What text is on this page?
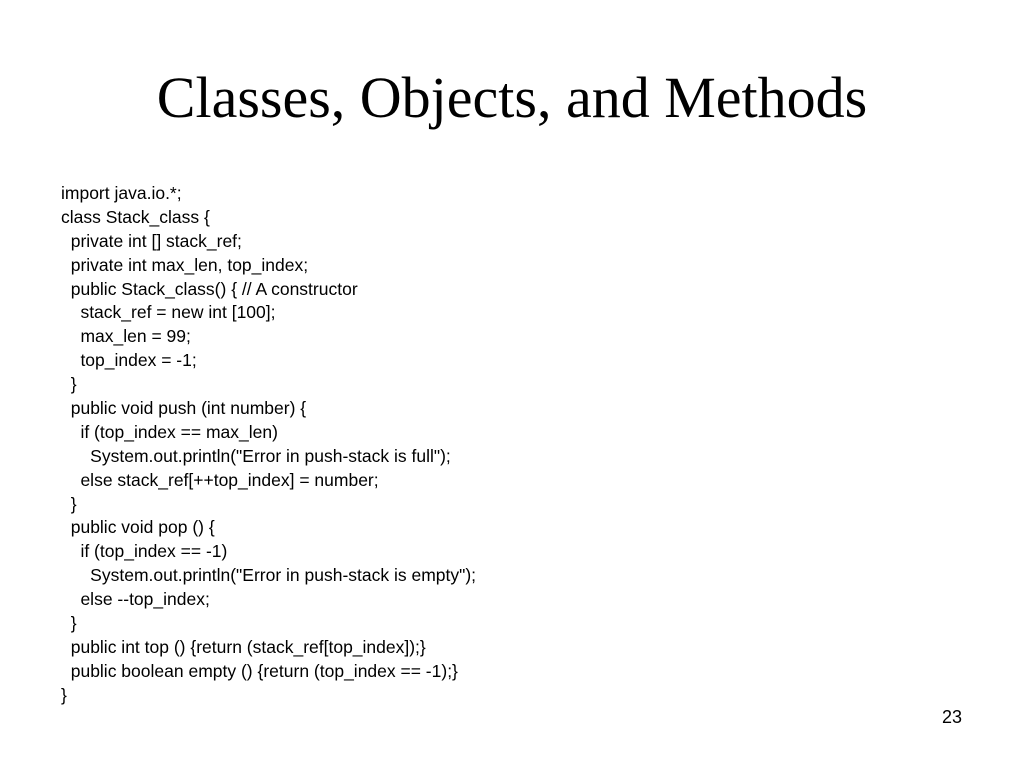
Classes, Objects, and Methods
import java.io.*;
class Stack_class {
private int [] stack_ref;
private int max_len, top_index;
public Stack_class() { // A constructor
stack_ref = new int [100];
max_len = 99;
top_index = -1;
}
public void push (int number) {
if (top_index == max_len)
System.out.println("Error in push-stack is full");
else stack_ref[++top_index] = number;
}
public void pop () {
if (top_index == -1)
System.out.println("Error in push-stack is empty");
else --top_index;
}
public int top () {return (stack_ref[top_index]);}
public boolean empty () {return (top_index == -1);}
}
23
